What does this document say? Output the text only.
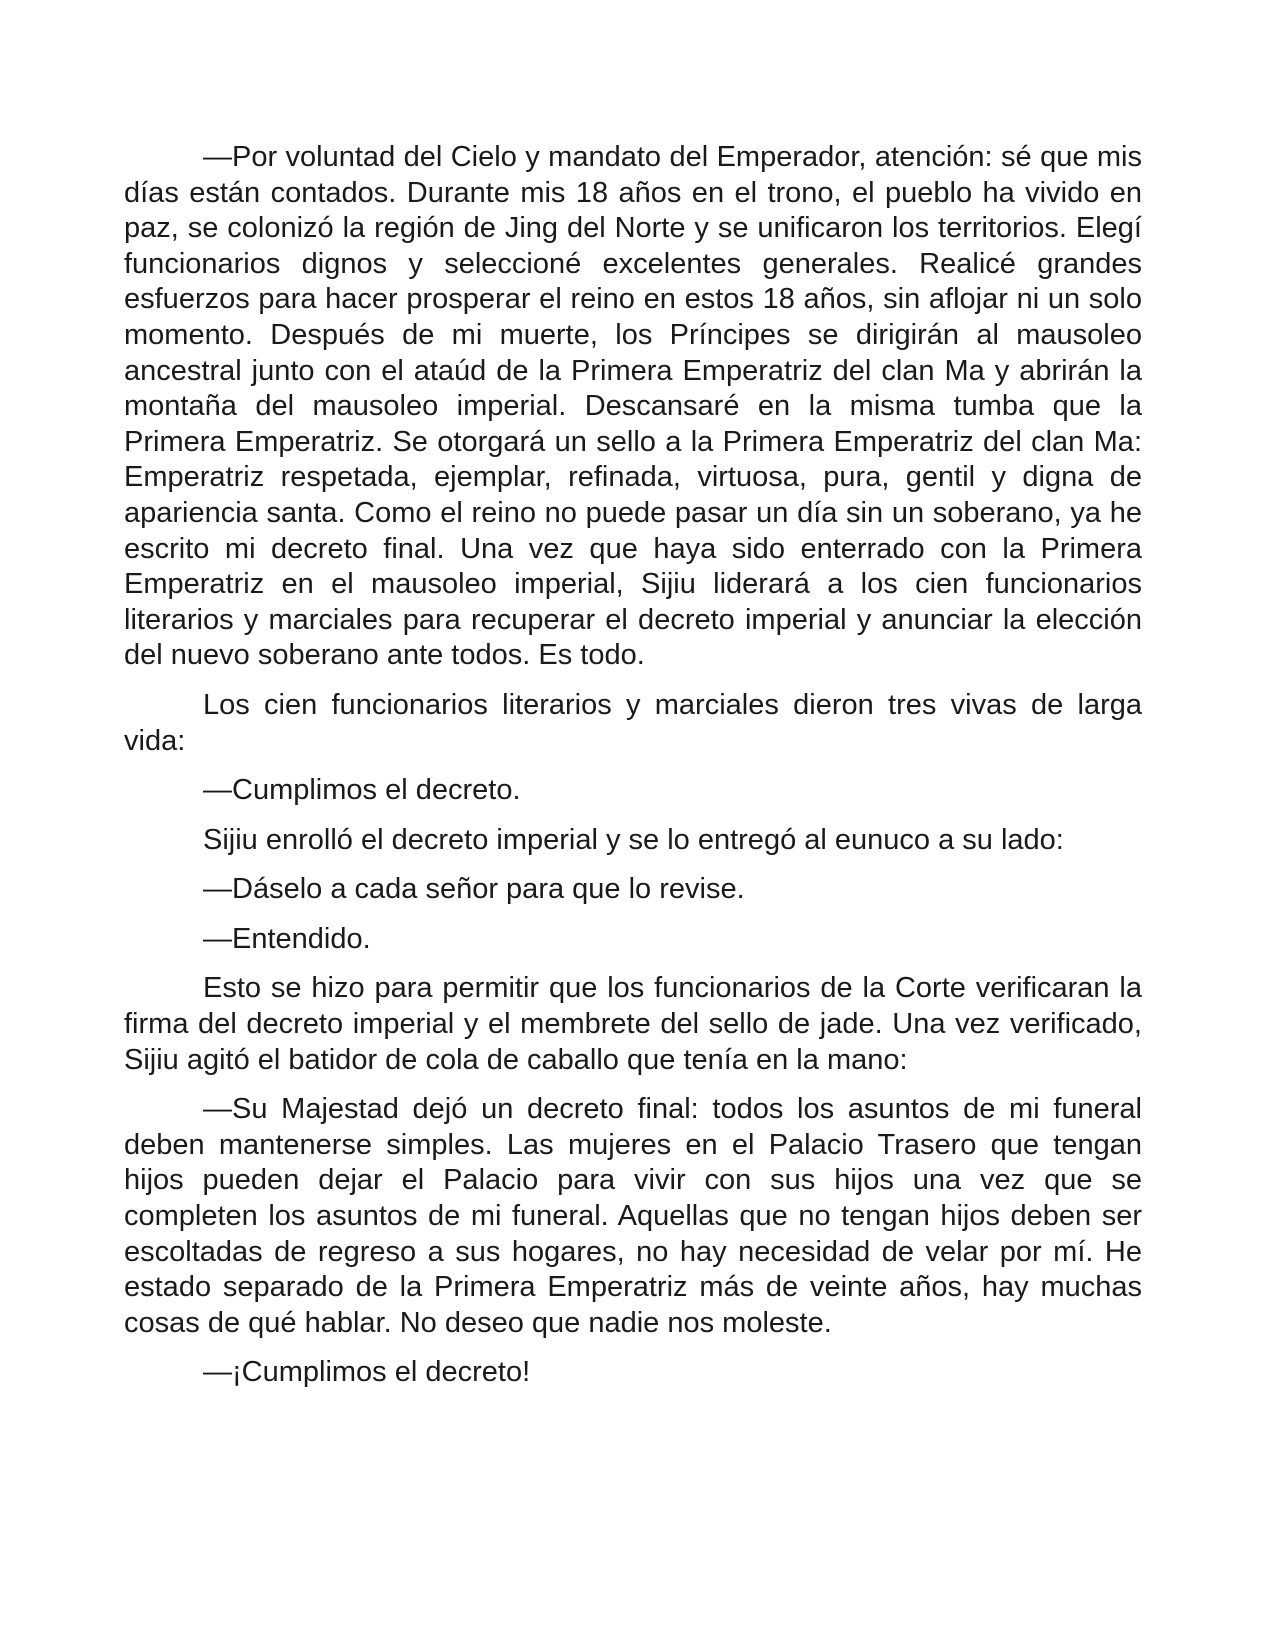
—Por voluntad del Cielo y mandato del Emperador, atención: sé que mis días están contados. Durante mis 18 años en el trono, el pueblo ha vivido en paz, se colonizó la región de Jing del Norte y se unificaron los territorios. Elegí funcionarios dignos y seleccioné excelentes generales. Realicé grandes esfuerzos para hacer prosperar el reino en estos 18 años, sin aflojar ni un solo momento. Después de mi muerte, los Príncipes se dirigirán al mausoleo ancestral junto con el ataúd de la Primera Emperatriz del clan Ma y abrirán la montaña del mausoleo imperial. Descansaré en la misma tumba que la Primera Emperatriz. Se otorgará un sello a la Primera Emperatriz del clan Ma: Emperatriz respetada, ejemplar, refinada, virtuosa, pura, gentil y digna de apariencia santa. Como el reino no puede pasar un día sin un soberano, ya he escrito mi decreto final. Una vez que haya sido enterrado con la Primera Emperatriz en el mausoleo imperial, Sijiu liderará a los cien funcionarios literarios y marciales para recuperar el decreto imperial y anunciar la elección del nuevo soberano ante todos. Es todo.

Los cien funcionarios literarios y marciales dieron tres vivas de larga vida:

—Cumplimos el decreto.

Sijiu enrolló el decreto imperial y se lo entregó al eunuco a su lado:

—Dáselo a cada señor para que lo revise.

—Entendido.

Esto se hizo para permitir que los funcionarios de la Corte verificaran la firma del decreto imperial y el membrete del sello de jade. Una vez verificado, Sijiu agitó el batidor de cola de caballo que tenía en la mano:

—Su Majestad dejó un decreto final: todos los asuntos de mi funeral deben mantenerse simples. Las mujeres en el Palacio Trasero que tengan hijos pueden dejar el Palacio para vivir con sus hijos una vez que se completen los asuntos de mi funeral. Aquellas que no tengan hijos deben ser escoltadas de regreso a sus hogares, no hay necesidad de velar por mí. He estado separado de la Primera Emperatriz más de veinte años, hay muchas cosas de qué hablar. No deseo que nadie nos moleste.

—¡Cumplimos el decreto!
